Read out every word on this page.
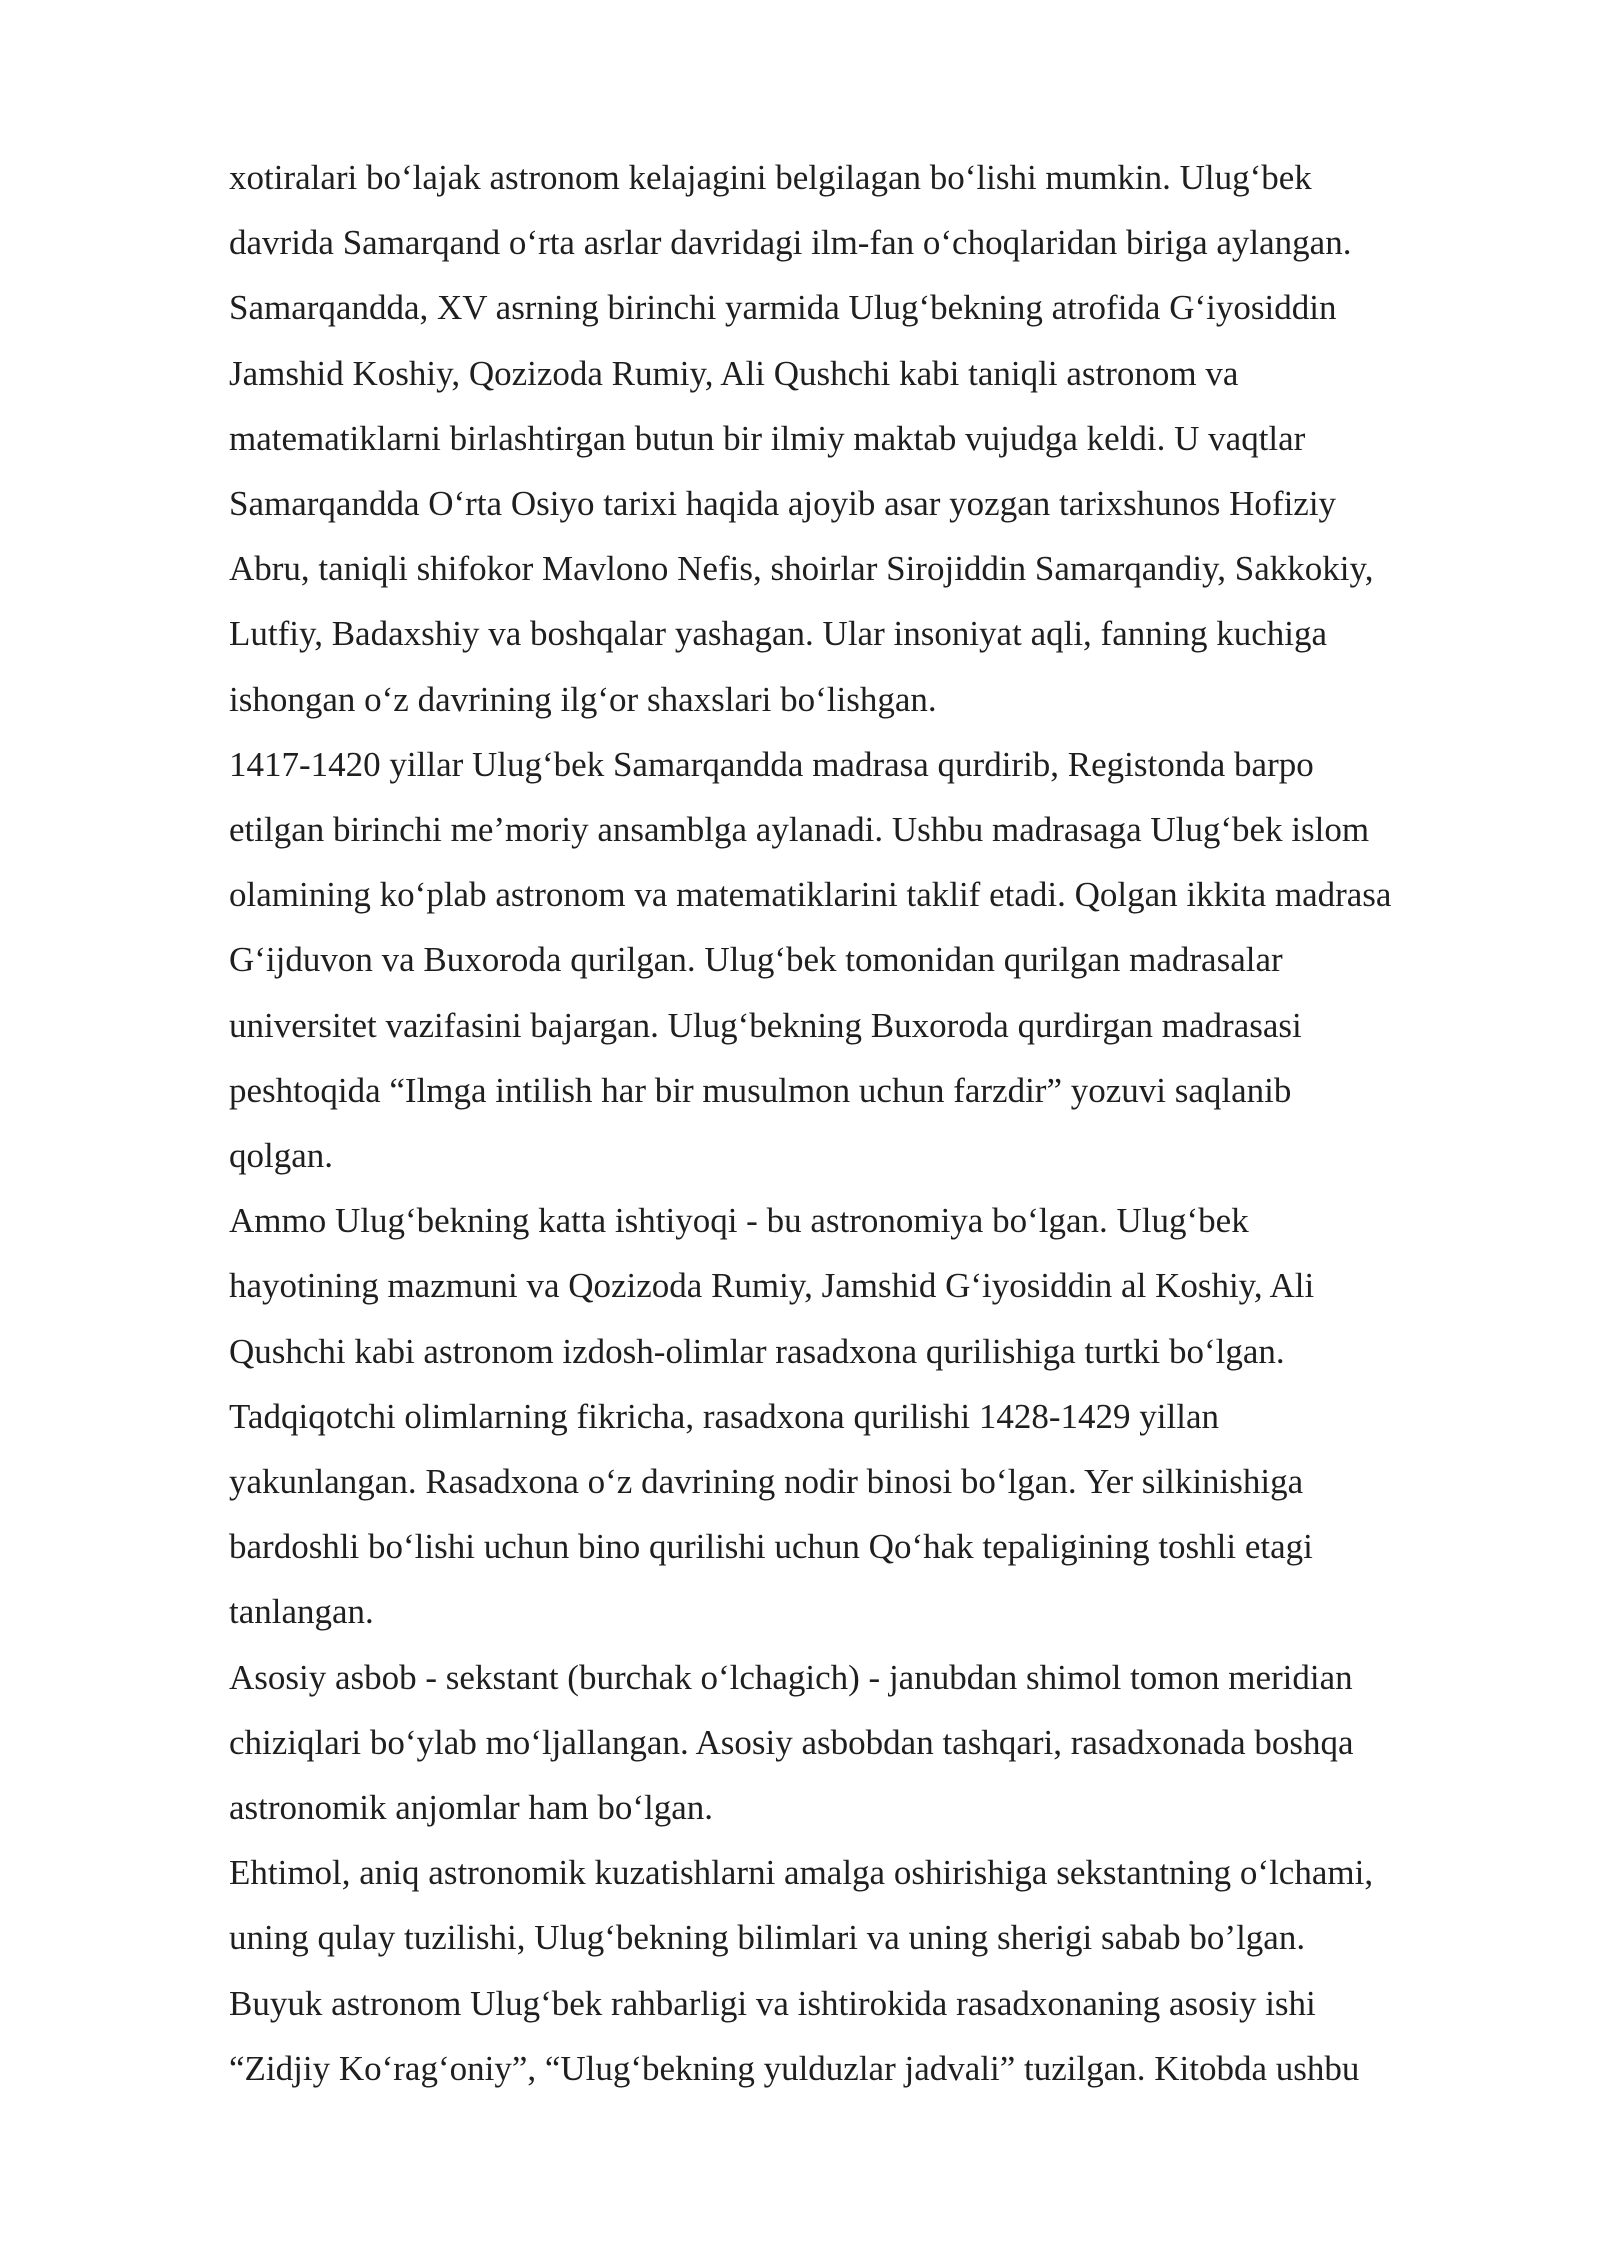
xotiralari bo‘lajak astronom kelajagini belgilagan bo‘lishi mumkin. Ulug‘bek
davrida Samarqand o‘rta asrlar davridagi ilm-fan o‘choqlaridan biriga aylangan.
Samarqandda, XV asrning birinchi yarmida Ulug‘bekning atrofida G‘iyosiddin
Jamshid Koshiy, Qozizoda Rumiy, Ali Qushchi kabi taniqli astronom va
matematiklarni birlashtirgan butun bir ilmiy maktab vujudga keldi. U vaqtlar
Samarqandda O‘rta Osiyo tarixi haqida ajoyib asar yozgan tarixshunos Hofiziy
Abru, taniqli shifokor Mavlono Nefis, shoirlar Sirojiddin Samarqandiy, Sakkokiy,
Lutfiy, Badaxshiy va boshqalar yashagan. Ular insoniyat aqli, fanning kuchiga
ishongan o‘z davrining ilg‘or shaxslari bo‘lishgan.
1417-1420 yillar Ulug‘bek Samarqandda madrasa qurdirib, Registonda barpo
etilgan birinchi me’moriy ansamblga aylanadi. Ushbu madrasaga Ulug‘bek islom
olamining ko‘plab astronom va matematiklarini taklif etadi. Qolgan ikkita madrasa
G‘ijduvon va Buxoroda qurilgan. Ulug‘bek tomonidan qurilgan madrasalar
universitet vazifasini bajargan. Ulug‘bekning Buxoroda qurdirgan madrasasi
peshtoqida “Ilmga intilish har bir musulmon uchun farzdir” yozuvi saqlanib
qolgan.
Ammo Ulug‘bekning katta ishtiyoqi - bu astronomiya bo‘lgan. Ulug‘bek
hayotining mazmuni va Qozizoda Rumiy, Jamshid G‘iyosiddin al Koshiy, Ali
Qushchi kabi astronom izdosh-olimlar rasadxona qurilishiga turtki bo‘lgan.
Tadqiqotchi olimlarning fikricha, rasadxona qurilishi 1428-1429 yillan
yakunlangan. Rasadxona o‘z davrining nodir binosi bo‘lgan. Yer silkinishiga
bardoshli bo‘lishi uchun bino qurilishi uchun Qo‘hak tepaligining toshli etagi
tanlangan.
Asosiy asbob - sekstant (burchak o‘lchagich) - janubdan shimol tomon meridian
chiziqlari bo‘ylab mo‘ljallangan. Asosiy asbobdan tashqari, rasadxonada boshqa
astronomik anjomlar ham bo‘lgan.
Ehtimol, aniq astronomik kuzatishlarni amalga oshirishiga sekstantning o‘lchami,
uning qulay tuzilishi, Ulug‘bekning bilimlari va uning sherigi sabab bo’lgan.
Buyuk astronom Ulug‘bek rahbarligi va ishtirokida rasadxonaning asosiy ishi
“Zidjiy Ko‘rag‘oniy”, “Ulug‘bekning yulduzlar jadvali” tuzilgan. Kitobda ushbu
